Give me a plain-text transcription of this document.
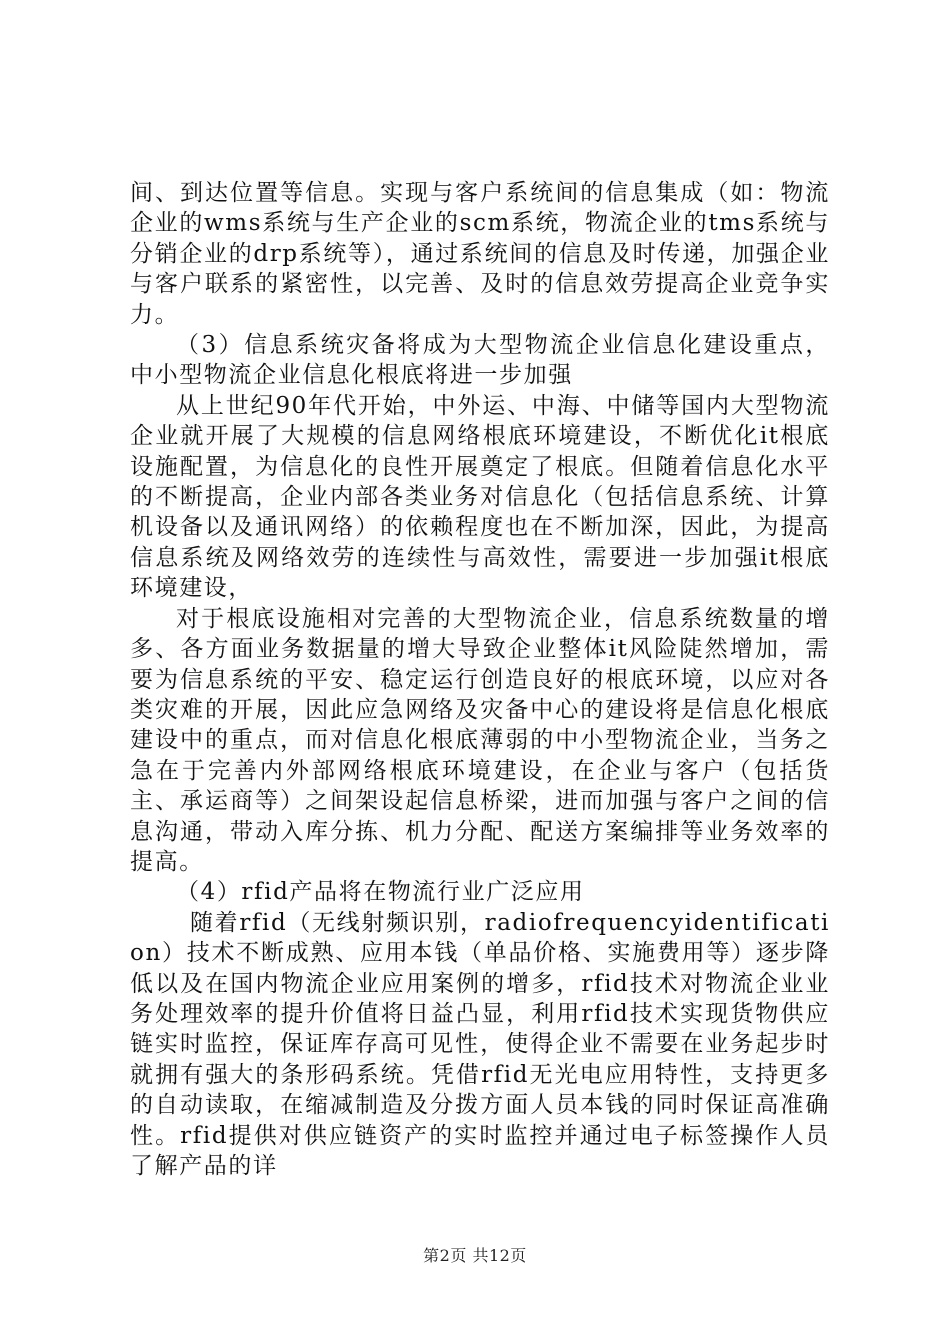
间、到达位置等信息。实现与客户系统间的信息集成（如：物流企业的wms系统与生产企业的scm系统，物流企业的tms系统与分销企业的drp系统等），通过系统间的信息及时传递，加强企业与客户联系的紧密性，以完善、及时的信息效劳提高企业竞争实力。

（3）信息系统灾备将成为大型物流企业信息化建设重点，中小型物流企业信息化根底将进一步加强

从上世纪90年代开始，中外运、中海、中储等国内大型物流企业就开展了大规模的信息网络根底环境建设，不断优化it根底设施配置，为信息化的良性开展奠定了根底。但随着信息化水平的不断提高，企业内部各类业务对信息化（包括信息系统、计算机设备以及通讯网络）的依赖程度也在不断加深，因此，为提高信息系统及网络效劳的连续性与高效性，需要进一步加强it根底环境建设，

对于根底设施相对完善的大型物流企业，信息系统数量的增多、各方面业务数据量的增大导致企业整体it风险陡然增加，需要为信息系统的平安、稳定运行创造良好的根底环境，以应对各类灾难的开展，因此应急网络及灾备中心的建设将是信息化根底建设中的重点，而对信息化根底薄弱的中小型物流企业，当务之急在于完善内外部网络根底环境建设，在企业与客户（包括货主、承运商等）之间架设起信息桥梁，进而加强与客户之间的信息沟通，带动入库分拣、机力分配、配送方案编排等业务效率的提高。

（4）rfid产品将在物流行业广泛应用

随着rfid（无线射频识别，radiofrequencyidentification）技术不断成熟、应用本钱（单品价格、实施费用等）逐步降低以及在国内物流企业应用案例的增多，rfid技术对物流企业业务处理效率的提升价值将日益凸显，利用rfid技术实现货物供应链实时监控，保证库存高可见性，使得企业不需要在业务起步时就拥有强大的条形码系统。凭借rfid无光电应用特性，支持更多的自动读取，在缩减制造及分拨方面人员本钱的同时保证高准确性。rfid提供对供应链资产的实时监控并通过电子标签操作人员了解产品的详

第2页 共12页
